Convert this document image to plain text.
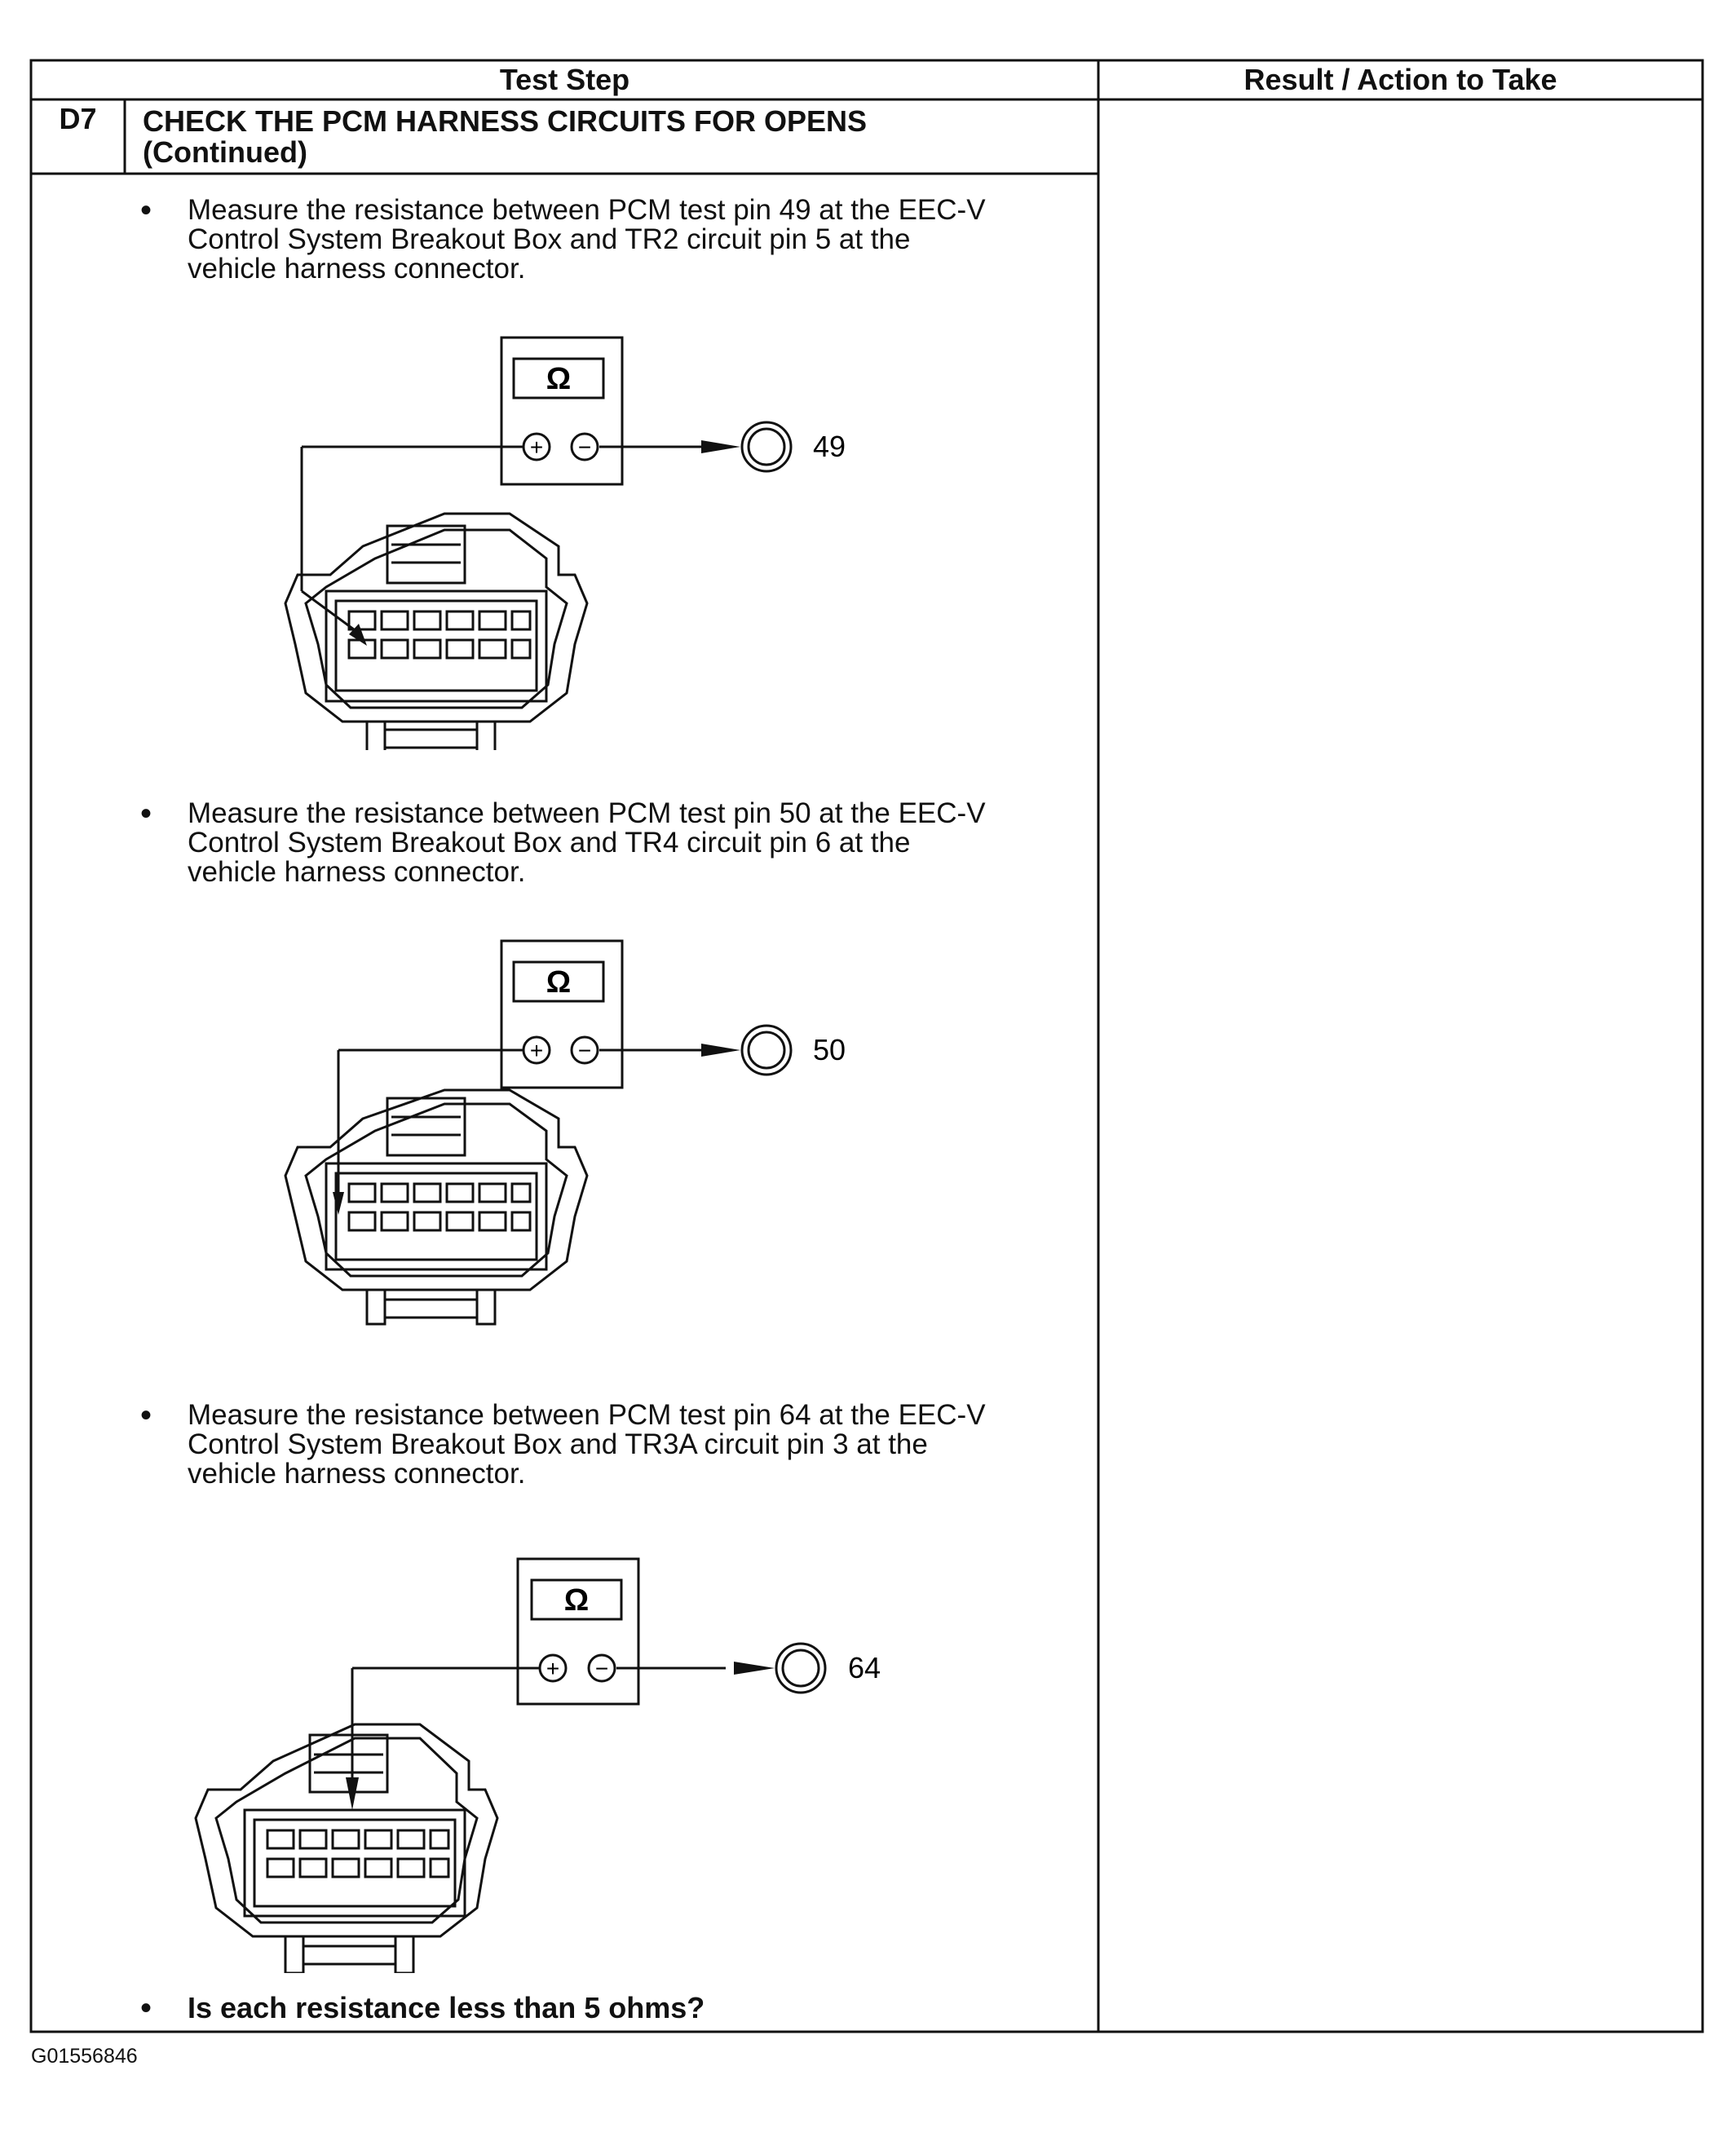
Test Step	Result / Action to Take
D7	CHECK THE PCM HARNESS CIRCUITS FOR OPENS
(Continued)
• Measure the resistance between PCM test pin 49 at the EEC-V
Control System Breakout Box and TR2 circuit pin 5 at the
vehicle harness connector.
Ω
+ −	49
• Measure the resistance between PCM test pin 50 at the EEC-V
Control System Breakout Box and TR4 circuit pin 6 at the
vehicle harness connector.
Ω
+ −	50
• Measure the resistance between PCM test pin 64 at the EEC-V
Control System Breakout Box and TR3A circuit pin 3 at the
vehicle harness connector.
Ω
+ −	64
• Is each resistance less than 5 ohms?
G01556846
